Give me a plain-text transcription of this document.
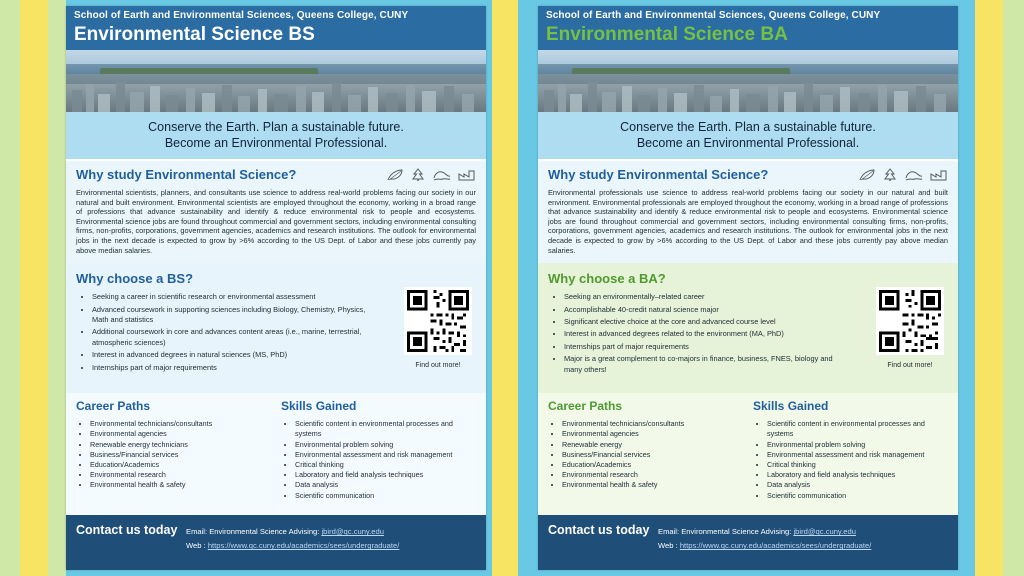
School of Earth and Environmental Sciences, Queens College, CUNY
Environmental Science BS
Conserve the Earth. Plan a sustainable future.
Become an Environmental Professional.
Why study Environmental Science?
Environmental scientists, planners, and consultants use science to address real-world problems facing our society in our natural and built environment. Environmental scientists are employed throughout the economy, working in a broad range of professions that advance sustainability and identify & reduce environmental risk to people and ecosystems. Environmental science jobs are found throughout commercial and government sectors, including environmental consulting firms, non-profits, corporations, government agencies, academics and research institutions. The outlook for environmental jobs in the next decade is expected to grow by >6% according to the US Dept. of Labor and these jobs currently pay above median salaries.
Why choose a BS?
• Seeking a career in scientific research or environmental assessment
• Advanced coursework in supporting sciences including Biology, Chemistry, Physics, Math and statistics
• Additional coursework in core and advances content areas (i.e., marine, terrestrial, atmospheric sciences)
• Interest in advanced degrees in natural sciences (MS, PhD)
• Internships part of major requirements	Find out more!
Career Paths
• Environmental technicians/consultants
• Environmental agencies
• Renewable energy technicians
• Business/Financial services
• Education/Academics
• Environmental research
• Environmental health & safety
Skills Gained
• Scientific content in environmental processes and systems
• Environmental problem solving
• Environmental assessment and risk management
• Critical thinking
• Laboratory and field analysis techniques
• Data analysis
• Scientific communication
Contact us today	Email: Environmental Science Advising: jbird@qc.cuny.edu
Web : https://www.qc.cuny.edu/academics/sees/undergraduate/
School of Earth and Environmental Sciences, Queens College, CUNY
Environmental Science BA
Conserve the Earth. Plan a sustainable future.
Become an Environmental Professional.
Why study Environmental Science?
Environmental professionals use science to address real-world problems facing our society in our natural and built environment. Environmental professionals are employed throughout the economy, working in a broad range of professions that advance sustainability and identify & reduce environmental risk to people and ecosystems. Environmental science jobs are found throughout commercial and government sectors, including environmental consulting firms, non-profits, corporations, government agencies, academics and research institutions. The outlook for environmental jobs in the next decade is expected to grow by >6% according to the US Dept. of Labor and these jobs currently pay above median salaries.
Why choose a BA?
• Seeking an environmentally–related career
• Accomplishable 40-credit natural science major
• Significant elective choice at the core and advanced course level
• Interest in advanced degrees related to the environment (MA, PhD)
• Internships part of major requirements
• Major is a great complement to co-majors in finance, business, FNES, biology and many others!	Find out more!
Career Paths
• Environmental technicians/consultants
• Environmental agencies
• Renewable energy
• Business/Financial services
• Education/Academics
• Environmental research
• Environmental health & safety
Skills Gained
• Scientific content in environmental processes and systems
• Environmental problem solving
• Environmental assessment and risk management
• Critical thinking
• Laboratory and field analysis techniques
• Data analysis
• Scientific communication
Contact us today	Email: Environmental Science Advising: jbird@qc.cuny.edu
Web : https://www.qc.cuny.edu/academics/sees/undergraduate/
